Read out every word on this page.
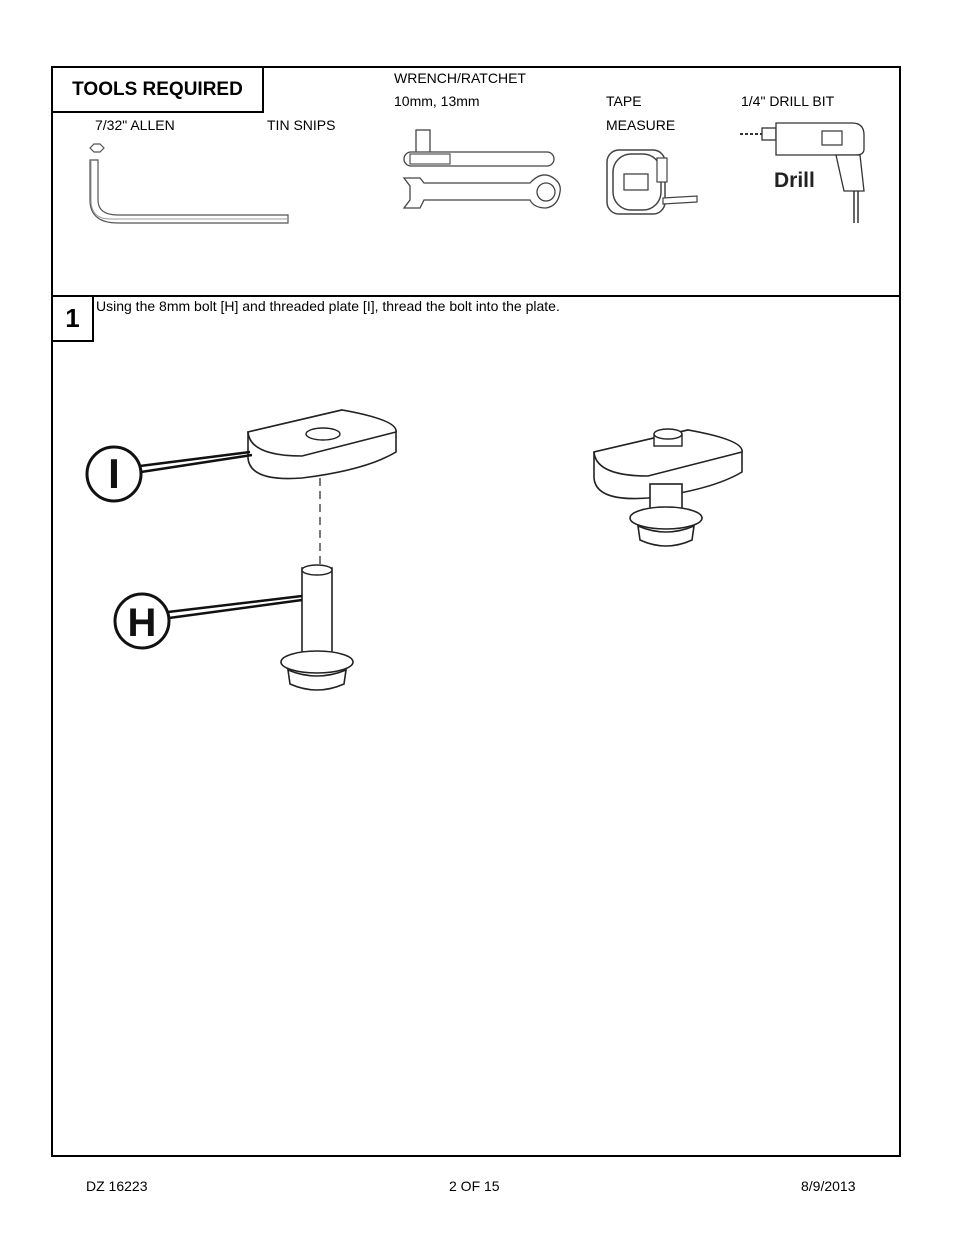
TOOLS REQUIRED
7/32" ALLEN	TIN SNIPS
WRENCH/RATCHET
10mm, 13mm	TAPE
MEASURE
1/4" DRILL BIT
Drill
1	Using the 8mm bolt [H] and threaded plate [I], thread the bolt into the plate.
I
H
DZ 16223	2 OF 15	8/9/2013
